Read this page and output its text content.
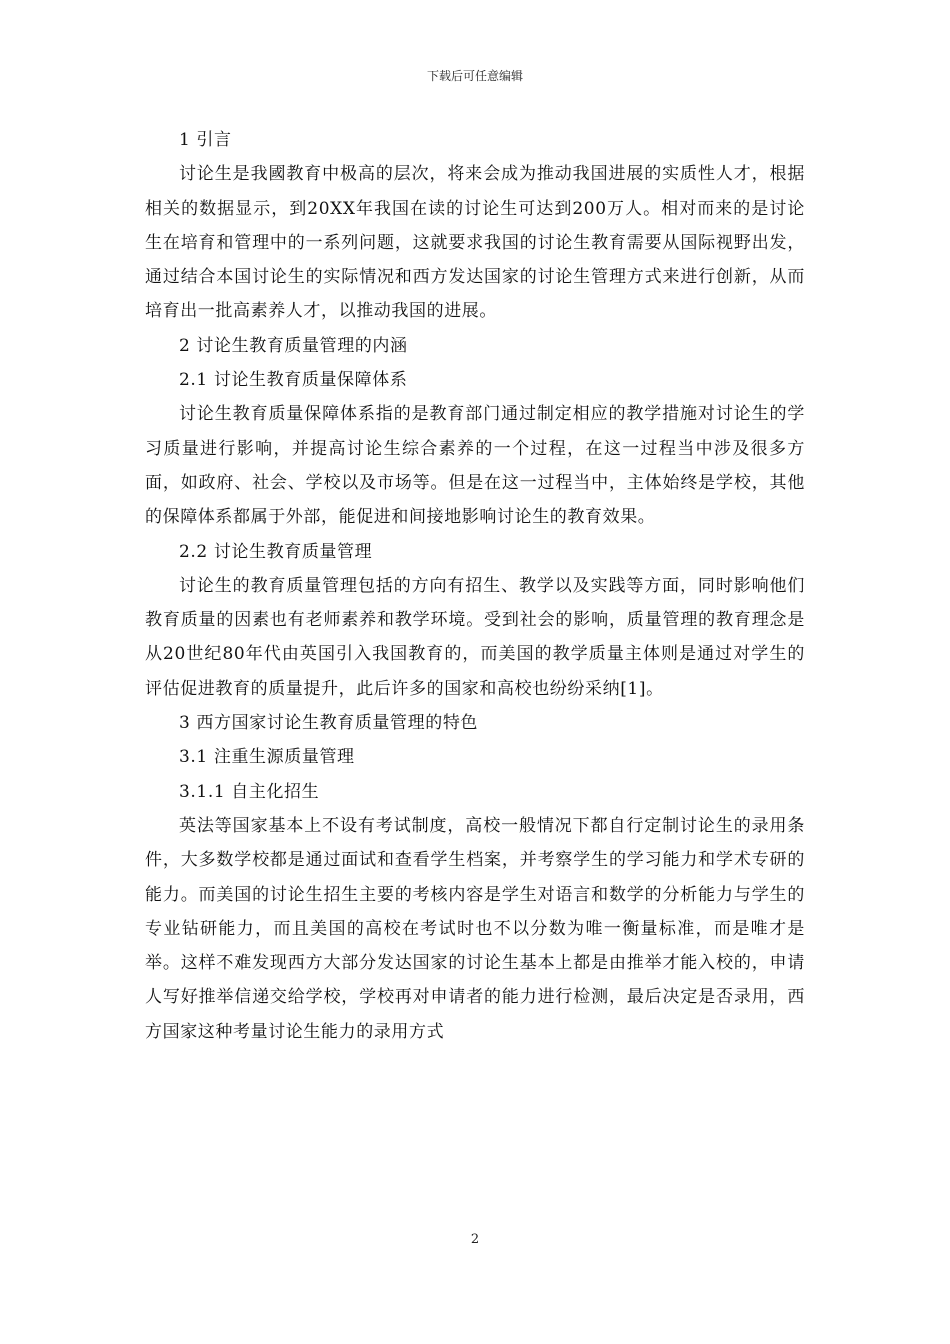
下载后可任意编辑

1 引言

讨论生是我國教育中极高的层次，将来会成为推动我国进展的实质性人才，根据相关的数据显示，到20XX年我国在读的讨论生可达到200万人。相对而来的是讨论生在培育和管理中的一系列问题，这就要求我国的讨论生教育需要从国际视野出发，通过结合本国讨论生的实际情况和西方发达国家的讨论生管理方式来进行创新，从而培育出一批高素养人才，以推动我国的进展。

2 讨论生教育质量管理的内涵

2.1 讨论生教育质量保障体系

讨论生教育质量保障体系指的是教育部门通过制定相应的教学措施对讨论生的学习质量进行影响，并提高讨论生综合素养的一个过程，在这一过程当中涉及很多方面，如政府、社会、学校以及市场等。但是在这一过程当中，主体始终是学校，其他的保障体系都属于外部，能促进和间接地影响讨论生的教育效果。

2.2 讨论生教育质量管理

讨论生的教育质量管理包括的方向有招生、教学以及实践等方面，同时影响他们教育质量的因素也有老师素养和教学环境。受到社会的影响，质量管理的教育理念是从20世纪80年代由英国引入我国教育的，而美国的教学质量主体则是通过对学生的评估促进教育的质量提升，此后许多的国家和高校也纷纷采纳[1]。

3 西方国家讨论生教育质量管理的特色

3.1 注重生源质量管理

3.1.1 自主化招生

英法等国家基本上不设有考试制度，高校一般情况下都自行定制讨论生的录用条件，大多数学校都是通过面试和查看学生档案，并考察学生的学习能力和学术专研的能力。而美国的讨论生招生主要的考核内容是学生对语言和数学的分析能力与学生的专业钻研能力，而且美国的高校在考试时也不以分数为唯一衡量标准，而是唯才是举。这样不难发现西方大部分发达国家的讨论生基本上都是由推举才能入校的，申请人写好推举信递交给学校，学校再对申请者的能力进行检测，最后决定是否录用，西方国家这种考量讨论生能力的录用方式

2
